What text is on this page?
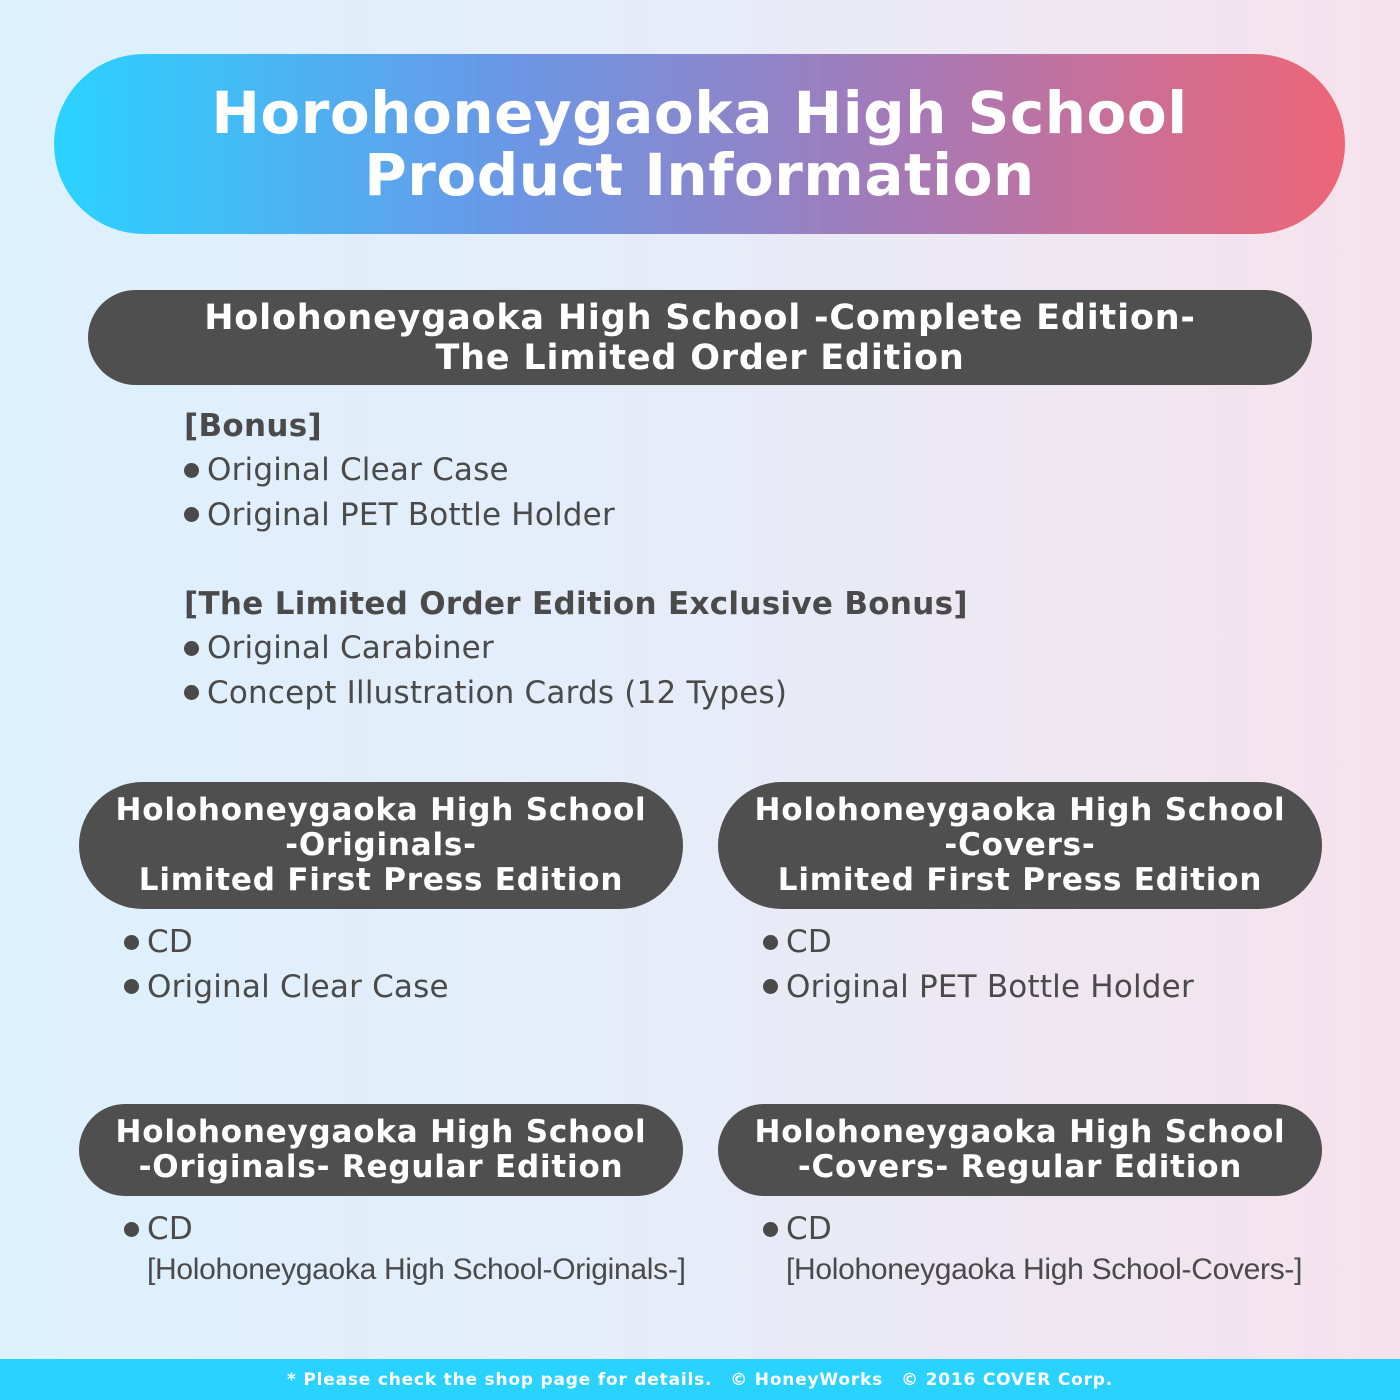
Horohoneygaoka High School
Product Information
Holohoneygaoka High School -Complete Edition-
The Limited Order Edition
[Bonus]
Original Clear Case
Original PET Bottle Holder
[The Limited Order Edition Exclusive Bonus]
Original Carabiner
Concept Illustration Cards (12 Types)
Holohoneygaoka High School
-Originals-
Limited First Press Edition
CD
Original Clear Case
Holohoneygaoka High School
-Covers-
Limited First Press Edition
CD
Original PET Bottle Holder
Holohoneygaoka High School
-Originals- Regular Edition
CD
[Holohoneygaoka High School-Originals-]
Holohoneygaoka High School
-Covers- Regular Edition
CD
[Holohoneygaoka High School-Covers-]
* Please check the shop page for details. © HoneyWorks © 2016 COVER Corp.
